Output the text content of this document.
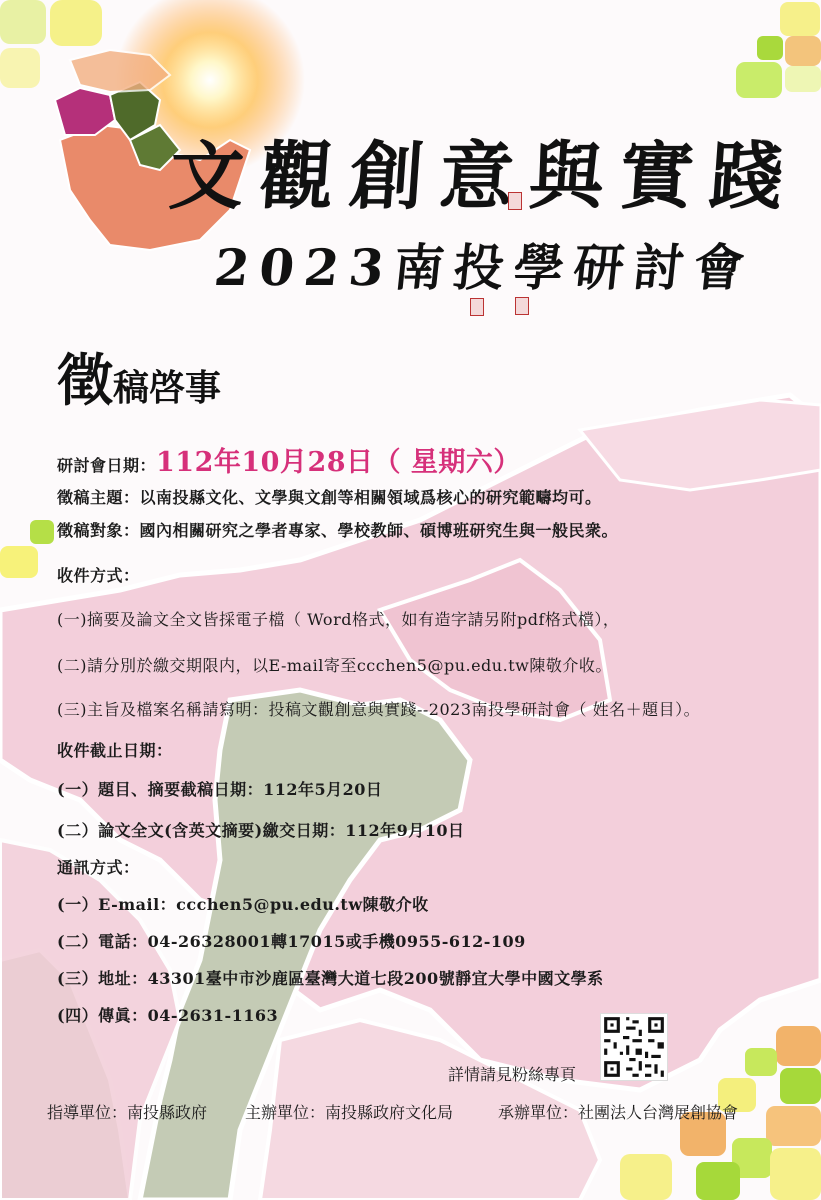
文觀創意與實踐
2023南投學研討會
徵稿啓事
研討會日期：112年10月28日（ 星期六）
徵稿主題：以南投縣文化、文學與文創等相關領域爲核心的研究範疇均可。
徵稿對象：國內相關研究之學者專家、學校教師、碩博班研究生與一般民衆。
收件方式：
(一)摘要及論文全文皆採電子檔（ Word格式，如有造字請另附pdf格式檔），
(二)請分別於繳交期限内，以E-mail寄至ccchen5@pu.edu.tw陳敬介收。
(三)主旨及檔案名稱請寫明：投稿文觀創意與實踐--2023南投學研討會（ 姓名＋題目）。
收件截止日期：
(一）題目、摘要截稿日期：112年5月20日
(二）論文全文(含英文摘要)繳交日期：112年9月10日
通訊方式：
(一）E-mail：ccchen5@pu.edu.tw陳敬介收
(二）電話：04-26328001轉17015或手機0955-612-109
(三）地址：43301臺中市沙鹿區臺灣大道七段200號靜宜大學中國文學系
(四）傳眞：04-2631-1163
詳情請見粉絲專頁
指導單位：南投縣政府 主辦單位：南投縣政府文化局	承辦單位：社團法人台灣展創協會
